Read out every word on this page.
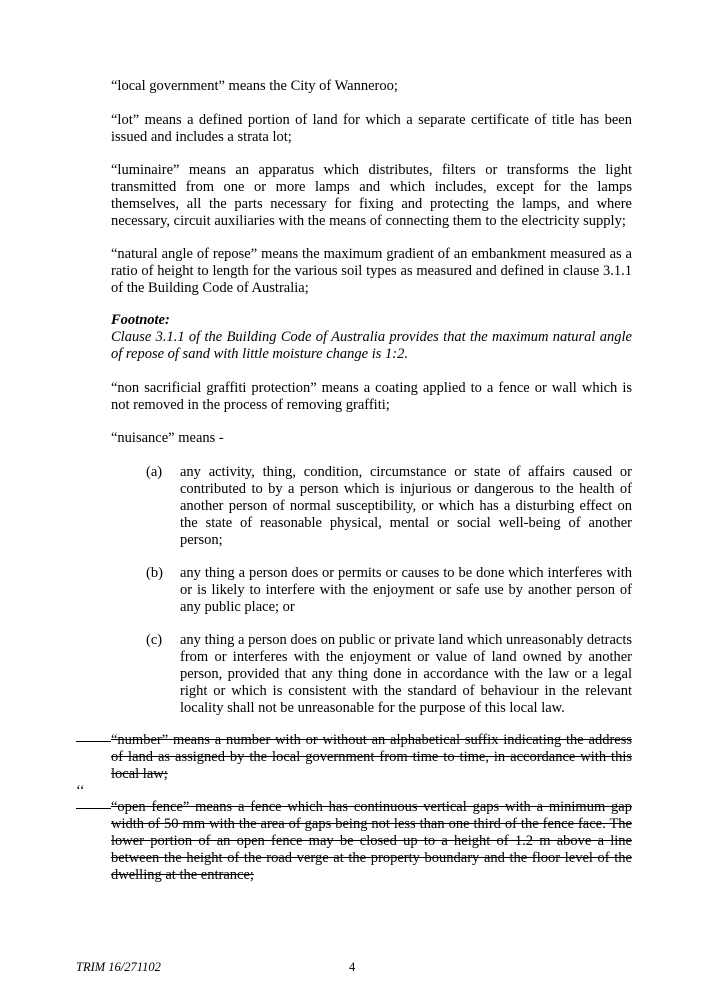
“local government” means the City of Wanneroo;

“lot” means a defined portion of land for which a separate certificate of title has been issued and includes a strata lot;

“luminaire” means an apparatus which distributes, filters or transforms the light transmitted from one or more lamps and which includes, except for the lamps themselves, all the parts necessary for fixing and protecting the lamps, and where necessary, circuit auxiliaries with the means of connecting them to the electricity supply;

“natural angle of repose” means the maximum gradient of an embankment measured as a ratio of height to length for the various soil types as measured and defined in clause 3.1.1 of the Building Code of Australia;

Footnote:

Clause 3.1.1 of the Building Code of Australia provides that the maximum natural angle of repose of sand with little moisture change is 1:2.

“non sacrificial graffiti protection” means a coating applied to a fence or wall which is not removed in the process of removing graffiti;

“nuisance” means -

(a) any activity, thing, condition, circumstance or state of affairs caused or contributed to by a person which is injurious or dangerous to the health of another person of normal susceptibility, or which has a disturbing effect on the state of reasonable physical, mental or social well-being of another person;

(b) any thing a person does or permits or causes to be done which interferes with or is likely to interfere with the enjoyment or safe use by another person of any public place; or

(c) any thing a person does on public or private land which unreasonably detracts from or interferes with the enjoyment or value of land owned by another person, provided that any thing done in accordance with the law or a legal right or which is consistent with the standard of behaviour in the relevant locality shall not be unreasonable for the purpose of this local law.

“number” means a number with or without an alphabetical suffix indicating the address of land as assigned by the local government from time to time, in accordance with this local law;

‘‘

“open fence” means a fence which has continuous vertical gaps with a minimum gap width of 50 mm with the area of gaps being not less than one third of the fence face. The lower portion of an open fence may be closed up to a height of 1.2 m above a line between the height of the road verge at the property boundary and the floor level of the dwelling at the entrance;

TRIM 16/271102	4
